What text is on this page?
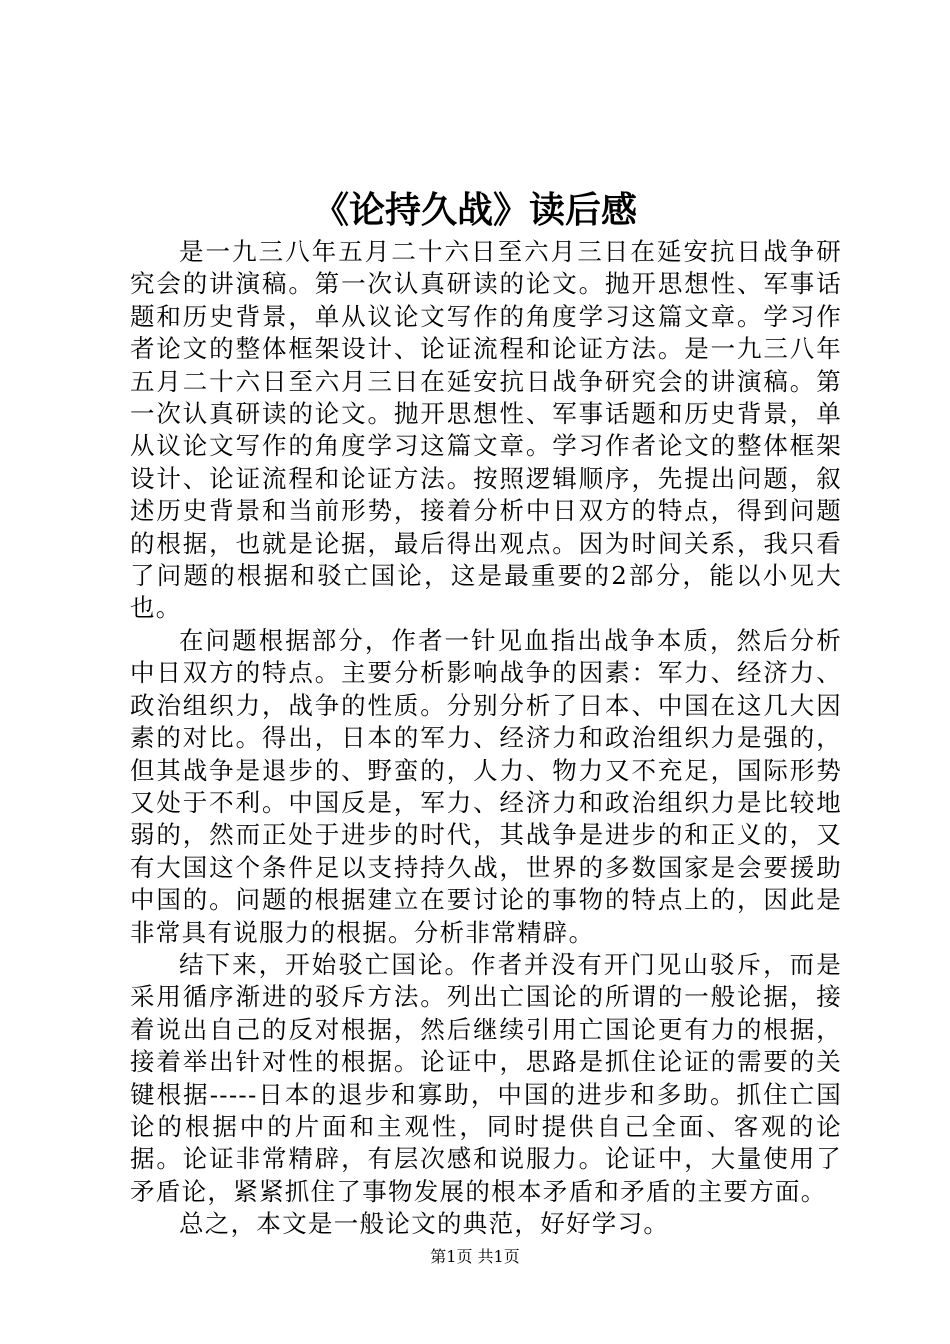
《论持久战》读后感

是一九三八年五月二十六日至六月三日在延安抗日战争研究会的讲演稿。第一次认真研读的论文。抛开思想性、军事话题和历史背景，单从议论文写作的角度学习这篇文章。学习作者论文的整体框架设计、论证流程和论证方法。是一九三八年五月二十六日至六月三日在延安抗日战争研究会的讲演稿。第一次认真研读的论文。抛开思想性、军事话题和历史背景，单从议论文写作的角度学习这篇文章。学习作者论文的整体框架设计、论证流程和论证方法。按照逻辑顺序，先提出问题，叙述历史背景和当前形势，接着分析中日双方的特点，得到问题的根据，也就是论据，最后得出观点。因为时间关系，我只看了问题的根据和驳亡国论，这是最重要的2部分，能以小见大也。

在问题根据部分，作者一针见血指出战争本质，然后分析中日双方的特点。主要分析影响战争的因素：军力、经济力、政治组织力，战争的性质。分别分析了日本、中国在这几大因素的对比。得出，日本的军力、经济力和政治组织力是强的，但其战争是退步的、野蛮的，人力、物力又不充足，国际形势又处于不利。中国反是，军力、经济力和政治组织力是比较地弱的，然而正处于进步的时代，其战争是进步的和正义的，又有大国这个条件足以支持持久战，世界的多数国家是会要援助中国的。问题的根据建立在要讨论的事物的特点上的，因此是非常具有说服力的根据。分析非常精辟。

结下来，开始驳亡国论。作者并没有开门见山驳斥，而是采用循序渐进的驳斥方法。列出亡国论的所谓的一般论据，接着说出自己的反对根据，然后继续引用亡国论更有力的根据，接着举出针对性的根据。论证中，思路是抓住论证的需要的关键根据-----日本的退步和寡助，中国的进步和多助。抓住亡国论的根据中的片面和主观性，同时提供自己全面、客观的论据。论证非常精辟，有层次感和说服力。论证中，大量使用了矛盾论，紧紧抓住了事物发展的根本矛盾和矛盾的主要方面。

总之，本文是一般论文的典范，好好学习。

第1页 共1页
